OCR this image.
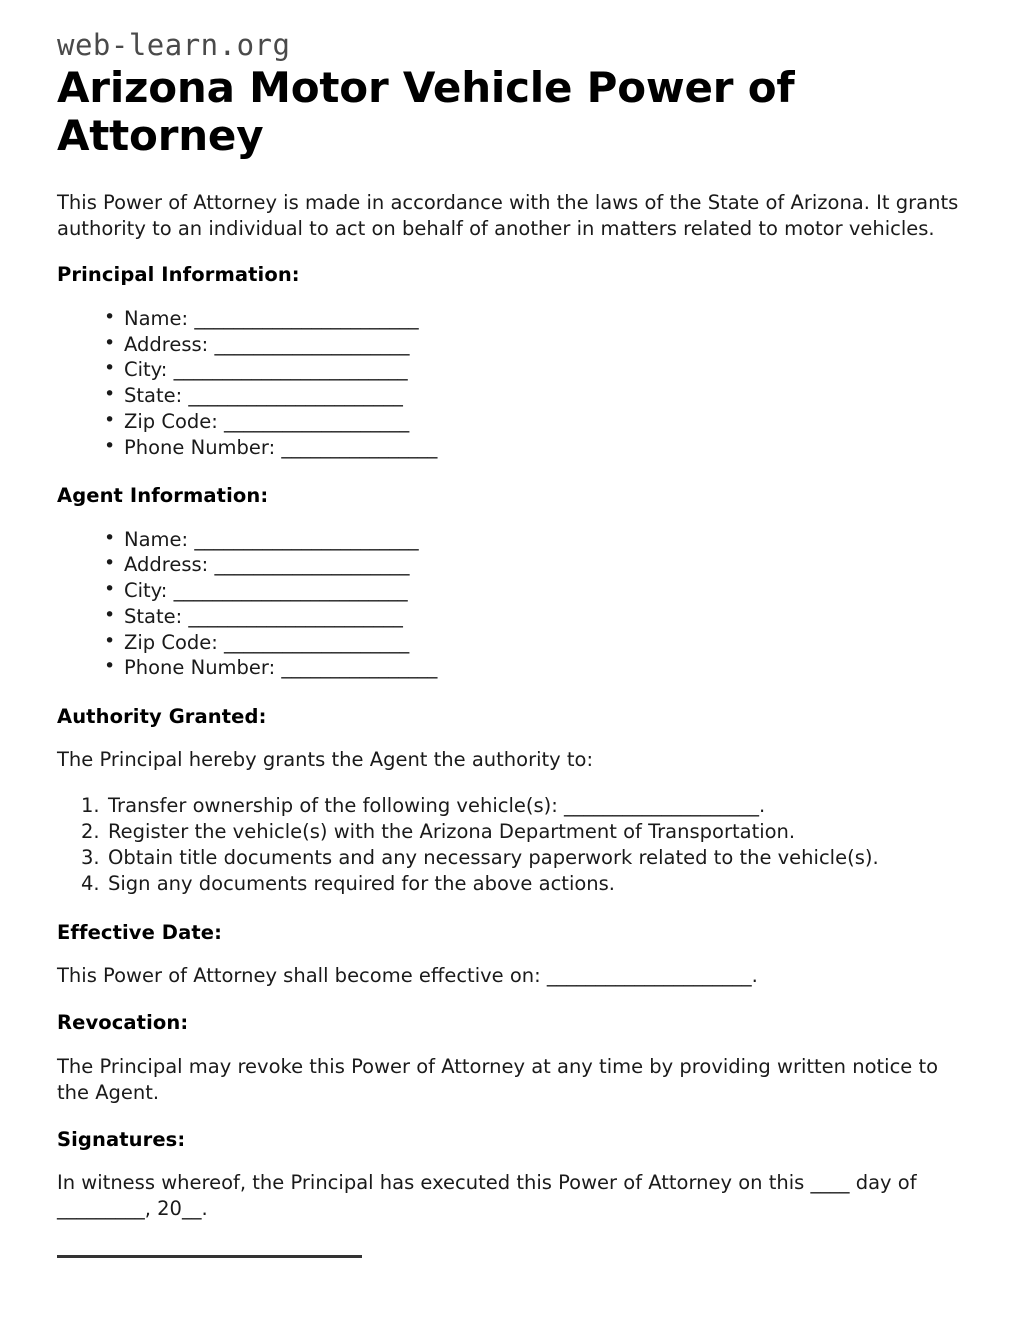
web-learn.org
Arizona Motor Vehicle Power of Attorney

This Power of Attorney is made in accordance with the laws of the State of Arizona. It grants authority to an individual to act on behalf of another in matters related to motor vehicles.

Principal Information:
• Name: _______________________
• Address: ____________________
• City: ________________________
• State: ______________________
• Zip Code: ___________________
• Phone Number: ________________
Agent Information:
• Name: _______________________
• Address: ____________________
• City: ________________________
• State: ______________________
• Zip Code: ___________________
• Phone Number: ________________
Authority Granted:

The Principal hereby grants the Agent the authority to:

Transfer ownership of the following vehicle(s): ____________________.
Register the vehicle(s) with the Arizona Department of Transportation.
Obtain title documents and any necessary paperwork related to the vehicle(s).
Sign any documents required for the above actions.
Effective Date:

This Power of Attorney shall become effective on: _____________________.

Revocation:

The Principal may revoke this Power of Attorney at any time by providing written notice to the Agent.

Signatures:

In witness whereof, the Principal has executed this Power of Attorney on this ____ day of _________, 20__.
